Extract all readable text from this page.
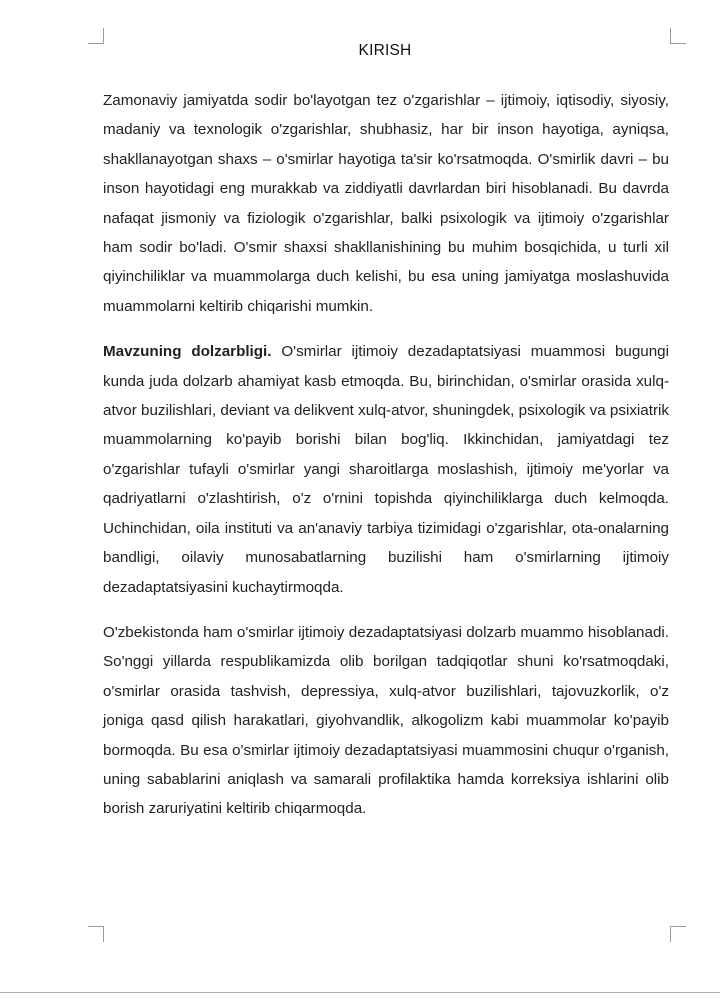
KIRISH

Zamonaviy jamiyatda sodir bo'layotgan tez o'zgarishlar – ijtimoiy, iqtisodiy, siyosiy, madaniy va texnologik o'zgarishlar, shubhasiz, har bir inson hayotiga, ayniqsa, shakllanayotgan shaxs – o'smirlar hayotiga ta'sir ko'rsatmoqda. O'smirlik davri – bu inson hayotidagi eng murakkab va ziddiyatli davrlardan biri hisoblanadi. Bu davrda nafaqat jismoniy va fiziologik o'zgarishlar, balki psixologik va ijtimoiy o'zgarishlar ham sodir bo'ladi. O'smir shaxsi shakllanishining bu muhim bosqichida, u turli xil qiyinchiliklar va muammolarga duch kelishi, bu esa uning jamiyatga moslashuvida muammolarni keltirib chiqarishi mumkin.

Mavzuning dolzarbligi. O'smirlar ijtimoiy dezadaptatsiyasi muammosi bugungi kunda juda dolzarb ahamiyat kasb etmoqda. Bu, birinchidan, o'smirlar orasida xulq-atvor buzilishlari, deviant va delikvent xulq-atvor, shuningdek, psixologik va psixiatrik muammolarning ko'payib borishi bilan bog'liq. Ikkinchidan, jamiyatdagi tez o'zgarishlar tufayli o'smirlar yangi sharoitlarga moslashish, ijtimoiy me'yorlar va qadriyatlarni o'zlashtirish, o'z o'rnini topishda qiyinchiliklarga duch kelmoqda. Uchinchidan, oila instituti va an'anaviy tarbiya tizimidagi o'zgarishlar, ota-onalarning bandligi, oilaviy munosabatlarning buzilishi ham o'smirlarning ijtimoiy dezadaptatsiyasini kuchaytirmoqda.

O'zbekistonda ham o'smirlar ijtimoiy dezadaptatsiyasi dolzarb muammo hisoblanadi. So'nggi yillarda respublikamizda olib borilgan tadqiqotlar shuni ko'rsatmoqdaki, o'smirlar orasida tashvish, depressiya, xulq-atvor buzilishlari, tajovuzkorlik, o'z joniga qasd qilish harakatlari, giyohvandlik, alkogolizm kabi muammolar ko'payib bormoqda. Bu esa o'smirlar ijtimoiy dezadaptatsiyasi muammosini chuqur o'rganish, uning sabablarini aniqlash va samarali profilaktika hamda korreksiya ishlarini olib borish zaruriyatini keltirib chiqarmoqda.
